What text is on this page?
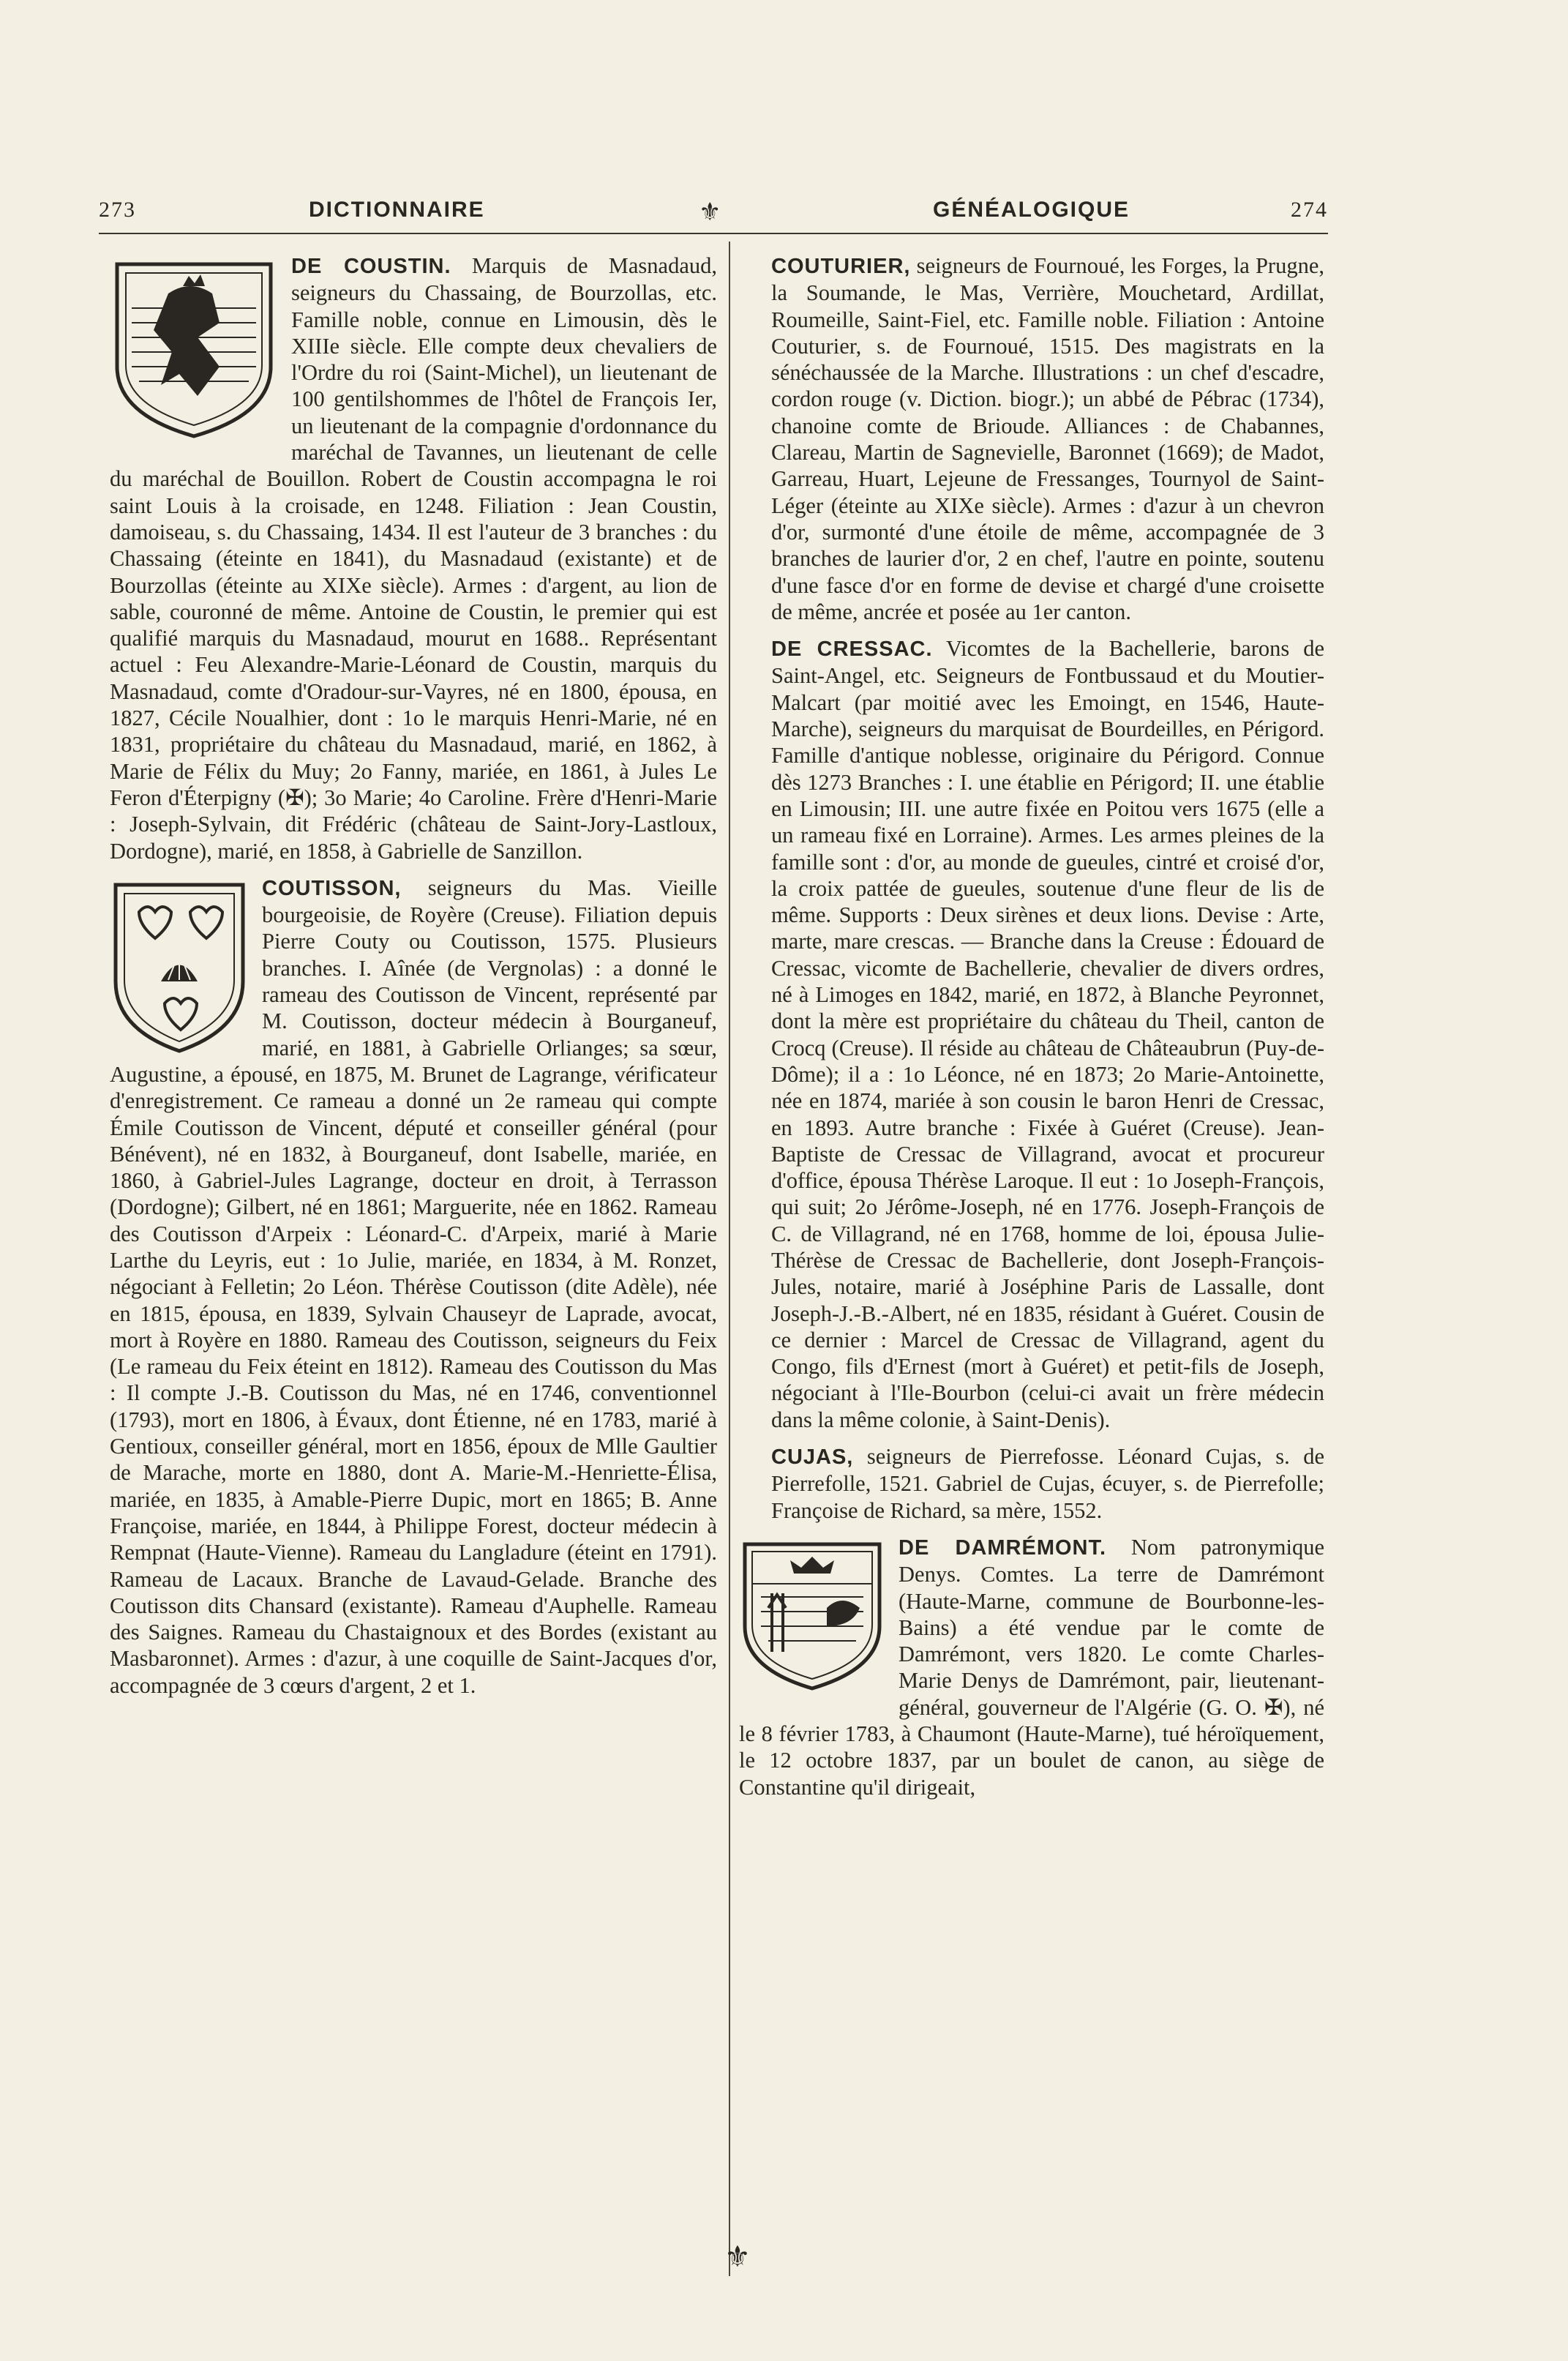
273	DICTIONNAIRE	⚜	GÉNÉALOGIQUE	274

DE COUSTIN. Marquis de Masnadaud, seigneurs du Chassaing, de Bourzollas, etc. Famille noble, connue en Limousin, dès le XIIIe siècle. Elle compte deux chevaliers de l'Ordre du roi (Saint-Michel), un lieutenant de 100 gentilshommes de l'hôtel de François Ier, un lieutenant de la compagnie d'ordonnance du maréchal de Tavannes, un lieutenant de celle du maréchal de Bouillon. Robert de Coustin accompagna le roi saint Louis à la croisade, en 1248. Filiation : Jean Coustin, damoiseau, s. du Chassaing, 1434. Il est l'auteur de 3 branches : du Chassaing (éteinte en 1841), du Masnadaud (existante) et de Bourzollas (éteinte au XIXe siècle). Armes : d'argent, au lion de sable, couronné de même. Antoine de Coustin, le premier qui est qualifié marquis du Masnadaud, mourut en 1688.. Représentant actuel : Feu Alexandre-Marie-Léonard de Coustin, marquis du Masnadaud, comte d'Oradour-sur-Vayres, né en 1800, épousa, en 1827, Cécile Noualhier, dont : 1o le marquis Henri-Marie, né en 1831, propriétaire du château du Masnadaud, marié, en 1862, à Marie de Félix du Muy; 2o Fanny, mariée, en 1861, à Jules Le Feron d'Éterpigny (✠); 3o Marie; 4o Caroline. Frère d'Henri-Marie : Joseph-Sylvain, dit Frédéric (château de Saint-Jory-Lastloux, Dordogne), marié, en 1858, à Gabrielle de Sanzillon.

COUTISSON, seigneurs du Mas. Vieille bourgeoisie, de Royère (Creuse). Filiation depuis Pierre Couty ou Coutisson, 1575. Plusieurs branches. I. Aînée (de Vergnolas) : a donné le rameau des Coutisson de Vincent, représenté par M. Coutisson, docteur médecin à Bourganeuf, marié, en 1881, à Gabrielle Orlianges; sa sœur, Augustine, a épousé, en 1875, M. Brunet de Lagrange, vérificateur d'enregistrement. Ce rameau a donné un 2e rameau qui compte Émile Coutisson de Vincent, député et conseiller général (pour Bénévent), né en 1832, à Bourganeuf, dont Isabelle, mariée, en 1860, à Gabriel-Jules Lagrange, docteur en droit, à Terrasson (Dordogne); Gilbert, né en 1861; Marguerite, née en 1862. Rameau des Coutisson d'Arpeix : Léonard-C. d'Arpeix, marié à Marie Larthe du Leyris, eut : 1o Julie, mariée, en 1834, à M. Ronzet, négociant à Felletin; 2o Léon. Thérèse Coutisson (dite Adèle), née en 1815, épousa, en 1839, Sylvain Chauseyr de Laprade, avocat, mort à Royère en 1880. Rameau des Coutisson, seigneurs du Feix (Le rameau du Feix éteint en 1812). Rameau des Coutisson du Mas : Il compte J.-B. Coutisson du Mas, né en 1746, conventionnel (1793), mort en 1806, à Évaux, dont Étienne, né en 1783, marié à Gentioux, conseiller général, mort en 1856, époux de Mlle Gaultier de Marache, morte en 1880, dont A. Marie-M.-Henriette-Élisa, mariée, en 1835, à Amable-Pierre Dupic, mort en 1865; B. Anne Françoise, mariée, en 1844, à Philippe Forest, docteur médecin à Rempnat (Haute-Vienne). Rameau du Langladure (éteint en 1791). Rameau de Lacaux. Branche de Lavaud-Gelade. Branche des Coutisson dits Chansard (existante). Rameau d'Auphelle. Rameau des Saignes. Rameau du Chastaignoux et des Bordes (existant au Masbaronnet). Armes : d'azur, à une coquille de Saint-Jacques d'or, accompagnée de 3 cœurs d'argent, 2 et 1.

COUTURIER, seigneurs de Fournoué, les Forges, la Prugne, la Soumande, le Mas, Verrière, Mouchetard, Ardillat, Roumeille, Saint-Fiel, etc. Famille noble. Filiation : Antoine Couturier, s. de Fournoué, 1515. Des magistrats en la sénéchaussée de la Marche. Illustrations : un chef d'escadre, cordon rouge (v. Diction. biogr.); un abbé de Pébrac (1734), chanoine comte de Brioude. Alliances : de Chabannes, Clareau, Martin de Sagnevielle, Baronnet (1669); de Madot, Garreau, Huart, Lejeune de Fressanges, Tournyol de Saint-Léger (éteinte au XIXe siècle). Armes : d'azur à un chevron d'or, surmonté d'une étoile de même, accompagnée de 3 branches de laurier d'or, 2 en chef, l'autre en pointe, soutenu d'une fasce d'or en forme de devise et chargé d'une croisette de même, ancrée et posée au 1er canton.

DE CRESSAC. Vicomtes de la Bachellerie, barons de Saint-Angel, etc. Seigneurs de Fontbussaud et du Moutier-Malcart (par moitié avec les Emoingt, en 1546, Haute-Marche), seigneurs du marquisat de Bourdeilles, en Périgord. Famille d'antique noblesse, originaire du Périgord. Connue dès 1273 Branches : I. une établie en Périgord; II. une établie en Limousin; III. une autre fixée en Poitou vers 1675 (elle a un rameau fixé en Lorraine). Armes. Les armes pleines de la famille sont : d'or, au monde de gueules, cintré et croisé d'or, la croix pattée de gueules, soutenue d'une fleur de lis de même. Supports : Deux sirènes et deux lions. Devise : Arte, marte, mare crescas. — Branche dans la Creuse : Édouard de Cressac, vicomte de Bachellerie, chevalier de divers ordres, né à Limoges en 1842, marié, en 1872, à Blanche Peyronnet, dont la mère est propriétaire du château du Theil, canton de Crocq (Creuse). Il réside au château de Châteaubrun (Puy-de-Dôme); il a : 1o Léonce, né en 1873; 2o Marie-Antoinette, née en 1874, mariée à son cousin le baron Henri de Cressac, en 1893. Autre branche : Fixée à Guéret (Creuse). Jean-Baptiste de Cressac de Villagrand, avocat et procureur d'office, épousa Thérèse Laroque. Il eut : 1o Joseph-François, qui suit; 2o Jérôme-Joseph, né en 1776. Joseph-François de C. de Villagrand, né en 1768, homme de loi, épousa Julie-Thérèse de Cressac de Bachellerie, dont Joseph-François-Jules, notaire, marié à Joséphine Paris de Lassalle, dont Joseph-J.-B.-Albert, né en 1835, résidant à Guéret. Cousin de ce dernier : Marcel de Cressac de Villagrand, agent du Congo, fils d'Ernest (mort à Guéret) et petit-fils de Joseph, négociant à l'Ile-Bourbon (celui-ci avait un frère médecin dans la même colonie, à Saint-Denis).

CUJAS, seigneurs de Pierrefosse. Léonard Cujas, s. de Pierrefolle, 1521. Gabriel de Cujas, écuyer, s. de Pierrefolle; Françoise de Richard, sa mère, 1552.

DE DAMRÉMONT. Nom patronymique Denys. Comtes. La terre de Damrémont (Haute-Marne, commune de Bourbonne-les-Bains) a été vendue par le comte de Damrémont, vers 1820. Le comte Charles-Marie Denys de Damrémont, pair, lieutenant-général, gouverneur de l'Algérie (G. O. ✠), né le 8 février 1783, à Chaumont (Haute-Marne), tué héroïquement, le 12 octobre 1837, par un boulet de canon, au siège de Constantine qu'il dirigeait,

⚜
